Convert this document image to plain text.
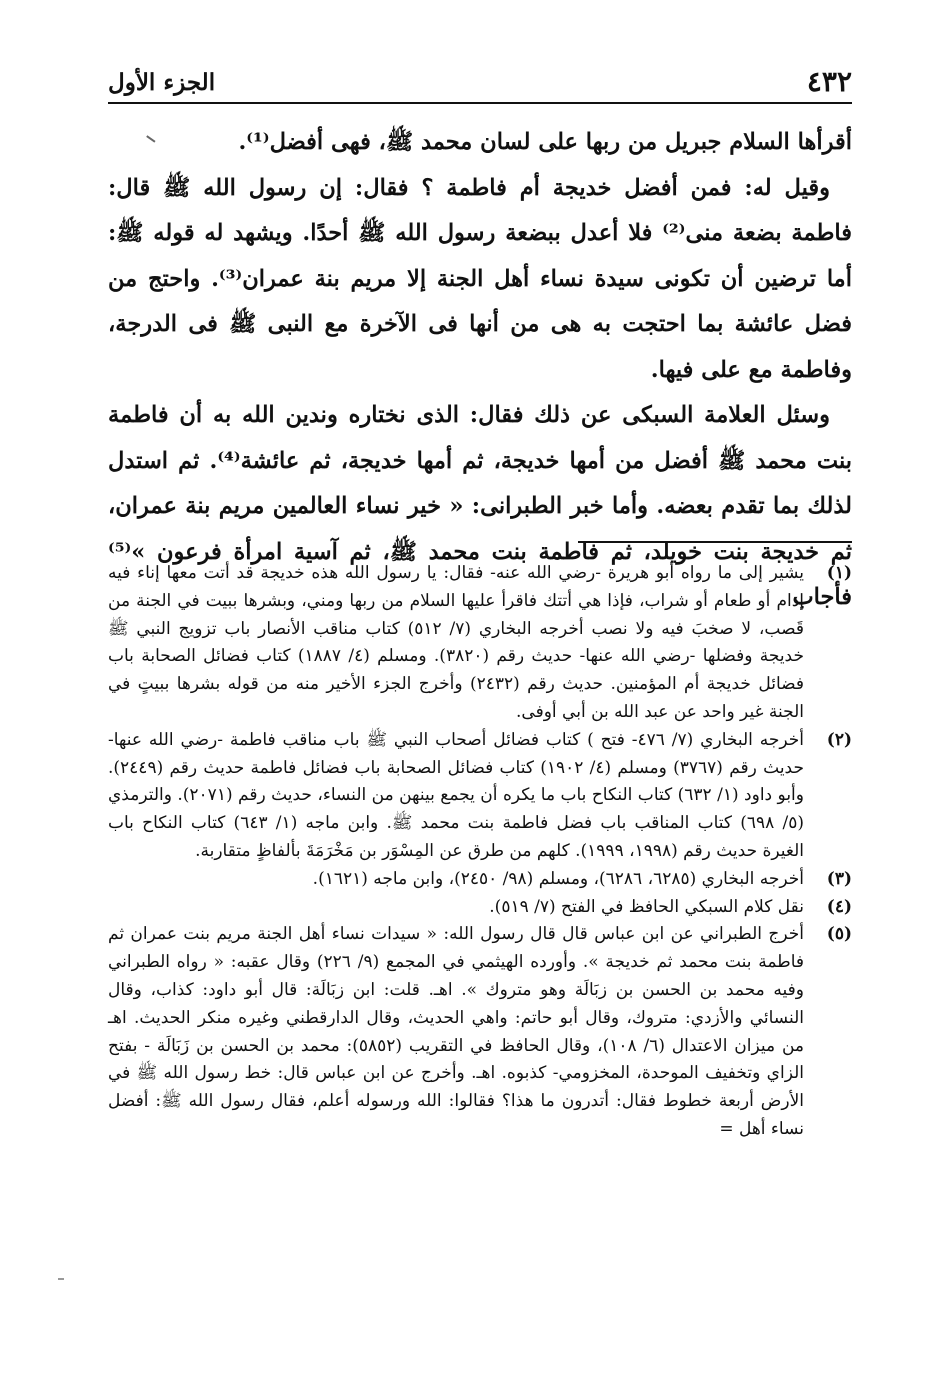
٤٣٢
الجزء الأول

أقرأها السلام جبريل من ربها على لسان محمد ﷺ، فهى أفضل⁽¹⁾.

وقيل له: فمن أفضل خديجة أم فاطمة ؟ فقال: إن رسول الله ﷺ قال: فاطمة بضعة منى⁽²⁾ فلا أعدل ببضعة رسول الله ﷺ أحدًا. ويشهد له قوله ﷺ: أما ترضين أن تكونى سيدة نساء أهل الجنة إلا مريم بنة عمران⁽³⁾. واحتج من فضل عائشة بما احتجت به هى من أنها فى الآخرة مع النبى ﷺ فى الدرجة، وفاطمة مع على فيها.

وسئل العلامة السبكى عن ذلك فقال: الذى نختاره وندين الله به أن فاطمة بنت محمد ﷺ أفضل من أمها خديجة، ثم أمها خديجة، ثم عائشة⁽⁴⁾. ثم استدل لذلك بما تقدم بعضه. وأما خبر الطبرانى: « خير نساء العالمين مريم بنة عمران، ثم خديجة بنت خويلد، ثم فاطمة بنت محمد ﷺ، ثم آسية امرأة فرعون »⁽⁵⁾ فأجاب

(١)
يشير إلى ما رواه أبو هريرة -رضي الله عنه- فقال: يا رسول الله هذه خديجة قد أتت معها إناء فيه إدام أو طعام أو شراب، فإذا هي أتتك فاقرأ عليها السلام من ربها ومني، وبشرها ببيت في الجنة من قَصب، لا صخبَ فيه ولا نصب أخرجه البخاري (٧/ ٥١٢) كتاب مناقب الأنصار باب تزويج النبي ﷺ خديجة وفضلها -رضي الله عنها- حديث رقم (٣٨٢٠). ومسلم (٤/ ١٨٨٧) كتاب فضائل الصحابة باب فضائل خديجة أم المؤمنين. حديث رقم (٢٤٣٢) وأخرج الجزء الأخير منه من قوله بشرها ببيتٍ في الجنة غير واحد عن عبد الله بن أبي أوفى.
(٢)
أخرجه البخاري (٧/ ٤٧٦- فتح ) كتاب فضائل أصحاب النبي ﷺ باب مناقب فاطمة -رضي الله عنها- حديث رقم (٣٧٦٧) ومسلم (٤/ ١٩٠٢) كتاب فضائل الصحابة باب فضائل فاطمة حديث رقم (٢٤٤٩). وأبو داود (١/ ٦٣٢) كتاب النكاح باب ما يكره أن يجمع بينهن من النساء، حديث رقم (٢٠٧١). والترمذي (٥/ ٦٩٨) كتاب المناقب باب فضل فاطمة بنت محمد ﷺ. وابن ماجه (١/ ٦٤٣) كتاب النكاح باب الغيرة حديث رقم (١٩٩٨، ١٩٩٩). كلهم من طرق عن المِسْوَر بن مَخْرَمَةَ بألفاظٍ متقاربة.
(٣)
أخرجه البخاري (٦٢٨٥، ٦٢٨٦)، ومسلم (٩٨/ ٢٤٥٠)، وابن ماجه (١٦٢١).
(٤)
نقل كلام السبكي الحافظ في الفتح (٧/ ٥١٩).
(٥)
أخرج الطبراني عن ابن عباس قال قال رسول الله: « سيدات نساء أهل الجنة مريم بنت عمران ثم فاطمة بنت محمد ثم خديجة ». وأورده الهيثمي في المجمع (٩/ ٢٢٦) وقال عقبه: « رواه الطبراني وفيه محمد بن الحسن بن زبَالَة وهو متروك ». اهـ. قلت: ابن زبَالَة: قال أبو داود: كذاب، وقال النسائي والأزدي: متروك، وقال أبو حاتم: واهي الحديث، وقال الدارقطني وغيره منكر الحديث. اهـ من ميزان الاعتدال (٦/ ١٠٨)، وقال الحافظ في التقريب (٥٨٥٢): محمد بن الحسن بن زَبَالَة - بفتح الزاي وتخفيف الموحدة، المخزومي- كذبوه. اهـ. وأخرج عن ابن عباس قال: خط رسول الله ﷺ في الأرض أربعة خطوط فقال: أتدرون ما هذا؟ فقالوا: الله ورسوله أعلم، فقال رسول الله ﷺ: أفضل نساء أهل =
